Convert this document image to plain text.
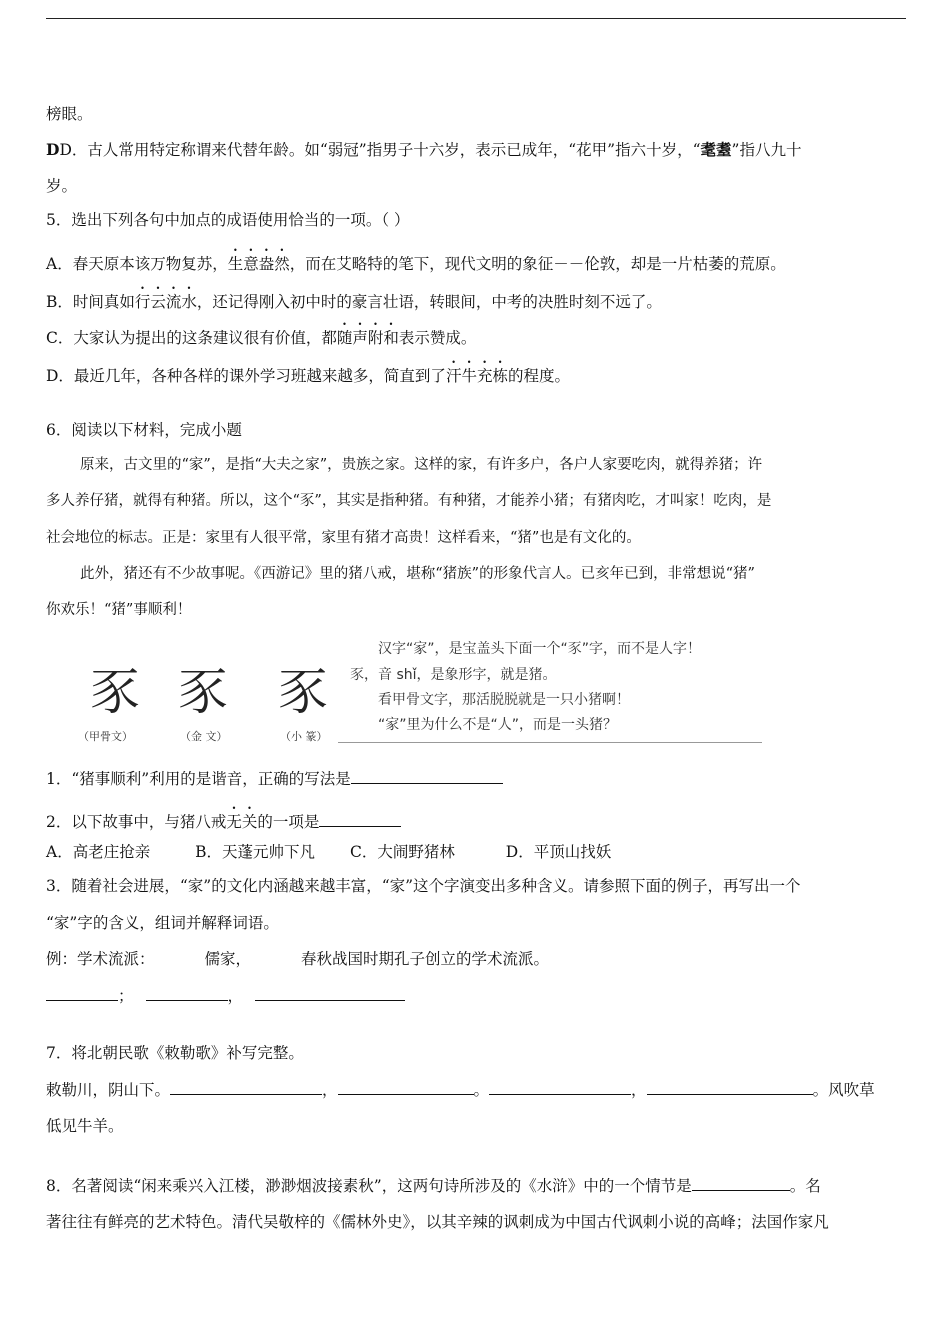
榜眼。
DD．古人常用特定称谓来代替年龄。如“弱冠”指男子十六岁，表示已成年，“花甲”指六十岁，“耄耋”指八九十
岁。
5．选出下列各句中加点的成语使用恰当的一项。（ ）
A．春天原本该万物复苏，生意盎然，而在艾略特的笔下，现代文明的象征－－伦敦，却是一片枯萎的荒原。
B．时间真如行云流水，还记得刚入初中时的豪言壮语，转眼间，中考的决胜时刻不远了。
C．大家认为提出的这条建议很有价值，都随声附和表示赞成。
D．最近几年，各种各样的课外学习班越来越多，简直到了汗牛充栋的程度。
6．阅读以下材料，完成小题
原来，古文里的“家”，是指“大夫之家”，贵族之家。这样的家，有许多户，各户人家要吃肉，就得养猪；许
多人养仔猪，就得有种猪。所以，这个“豕”，其实是指种猪。有种猪，才能养小猪；有猪肉吃，才叫家！吃肉，是
社会地位的标志。正是：家里有人很平常，家里有猪才高贵！这样看来，“猪”也是有文化的。
此外，猪还有不少故事呢。《西游记》里的猪八戒，堪称“猪族”的形象代言人。已亥年已到，非常想说“猪”
你欢乐！“猪”事顺利！
豕 豕 豕
（甲骨文）	（金 文）	（小 篆）
汉字“家”，是宝盖头下面一个“豕”字，而不是人字！
豕，音 shǐ，是象形字，就是猪。
看甲骨文字，那活脱脱就是一只小猪啊！
“家”里为什么不是“人”，而是一头猪？
1．“猪事顺利”利用的是谐音，正确的写法是
2．以下故事中，与猪八戒无关的一项是
A．高老庄抢亲	B．天蓬元帅下凡 C．大闹野猪林	D．平顶山找妖
3．随着社会进展，“家”的文化内涵越来越丰富，“家”这个字演变出多种含义。请参照下面的例子，再写出一个
“家”字的含义，组词并解释词语。
例：学术流派：	儒家，	春秋战国时期孔子创立的学术流派。
；	，
7．将北朝民歌《敕勒歌》补写完整。
敕勒川，阴山下。	，	。	，	。风吹草
低见牛羊。
8．名著阅读“闲来乘兴入江楼，渺渺烟波接素秋”，这两句诗所涉及的《水浒》中的一个情节是	。名
著往往有鲜亮的艺术特色。清代吴敬梓的《儒林外史》，以其辛辣的讽刺成为中国古代讽刺小说的高峰；法国作家凡
